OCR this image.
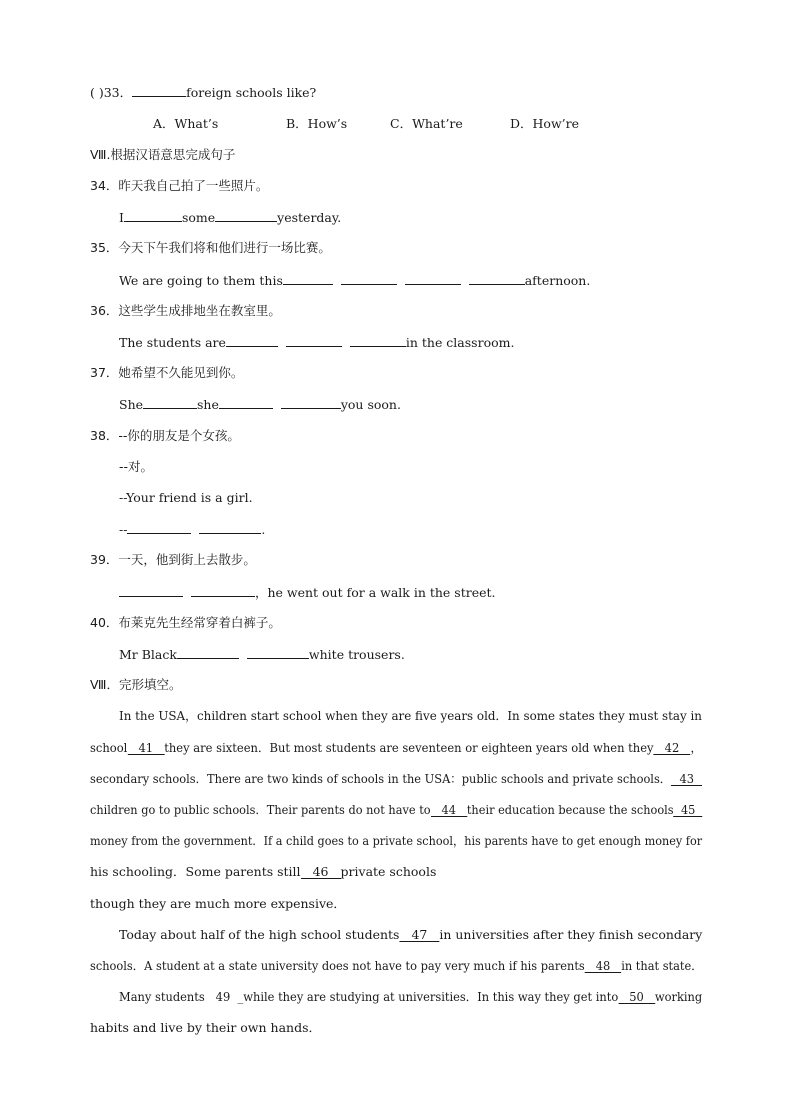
( )33．	foreign schools like?
A．What’s	B．How’s	C．What’re	D．How’re
Ⅷ.根据汉语意思完成句子
34．昨天我自己拍了一些照片。
I	some	yesterday.
35．今天下午我们将和他们进行一场比赛。
We are going to them this	afternoon.
36．这些学生成排地坐在教室里。
The students are	in the classroom.
37．她希望不久能见到你。
She	she	you soon.
38．--你的朋友是个女孩。
--对。
--Your friend is a girl.
--	.
39．一天，他到街上去散步。
，he went out for a walk in the street.
40．布莱克先生经常穿着白裤子。
Mr Black	white trousers.
Ⅷ．完形填空。
In the USA，children start school when they are five years old．In some states they must stay in
school 41 they are sixteen．But most students are seventeen or eighteen years old when they 42 ，
secondary schools．There are two kinds of schools in the USA：public schools and private schools． 43
children go to public schools．Their parents do not have to 44 their education because the schools 45
money from the government．If a child goes to a private school，his parents have to get enough money for
his schooling．Some parents still 46 private schools
though they are much more expensive．
Today about half of the high school students 47 in universities after they finish secondary
schools．A student at a state university does not have to pay very much if his parents 48 in that state．
Many students 49 _while they are studying at universities．In this way they get into 50 working
habits and live by their own hands．
